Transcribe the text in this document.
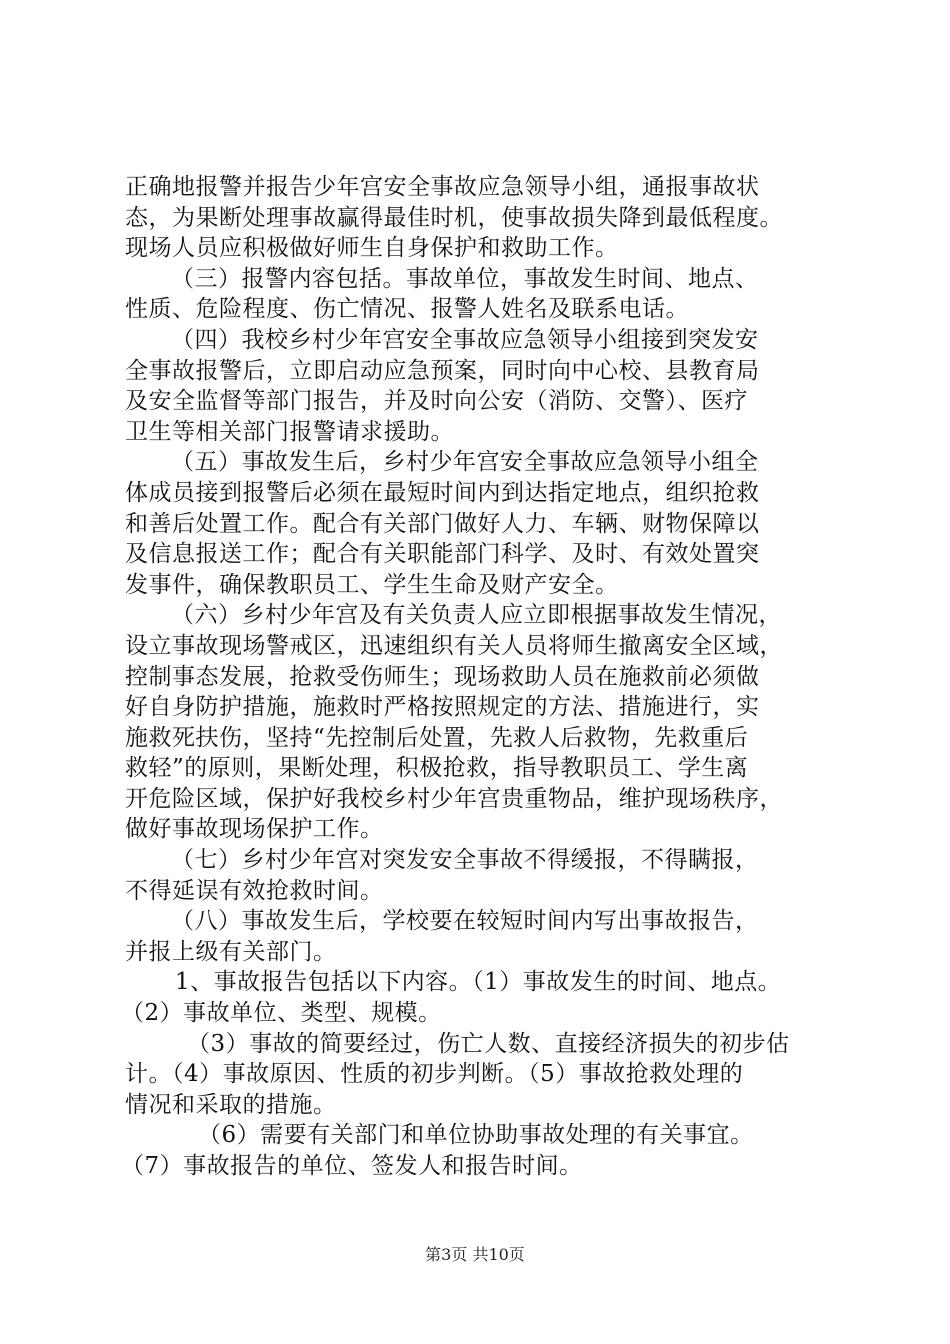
正确地报警并报告少年宫安全事故应急领导小组，通报事故状
态，为果断处理事故赢得最佳时机，使事故损失降到最低程度。
现场人员应积极做好师生自身保护和救助工作。
（三）报警内容包括。事故单位，事故发生时间、地点、
性质、危险程度、伤亡情况、报警人姓名及联系电话。
（四）我校乡村少年宫安全事故应急领导小组接到突发安
全事故报警后，立即启动应急预案，同时向中心校、县教育局
及安全监督等部门报告，并及时向公安（消防、交警）、医疗
卫生等相关部门报警请求援助。
（五）事故发生后，乡村少年宫安全事故应急领导小组全
体成员接到报警后必须在最短时间内到达指定地点，组织抢救
和善后处置工作。配合有关部门做好人力、车辆、财物保障以
及信息报送工作；配合有关职能部门科学、及时、有效处置突
发事件，确保教职员工、学生生命及财产安全。
（六）乡村少年宫及有关负责人应立即根据事故发生情况，
设立事故现场警戒区，迅速组织有关人员将师生撤离安全区域，
控制事态发展，抢救受伤师生；现场救助人员在施救前必须做
好自身防护措施，施救时严格按照规定的方法、措施进行，实
施救死扶伤，坚持“先控制后处置，先救人后救物，先救重后
救轻”的原则，果断处理，积极抢救，指导教职员工、学生离
开危险区域，保护好我校乡村少年宫贵重物品，维护现场秩序，
做好事故现场保护工作。
（七）乡村少年宫对突发安全事故不得缓报，不得瞒报，
不得延误有效抢救时间。
（八）事故发生后，学校要在较短时间内写出事故报告，
并报上级有关部门。
1、事故报告包括以下内容。（1）事故发生的时间、地点。
（2）事故单位、类型、规模。
（3）事故的简要经过，伤亡人数、直接经济损失的初步估
计。（4）事故原因、性质的初步判断。（5）事故抢救处理的
情况和采取的措施。
（6）需要有关部门和单位协助事故处理的有关事宜。
（7）事故报告的单位、签发人和报告时间。
第3页 共10页
